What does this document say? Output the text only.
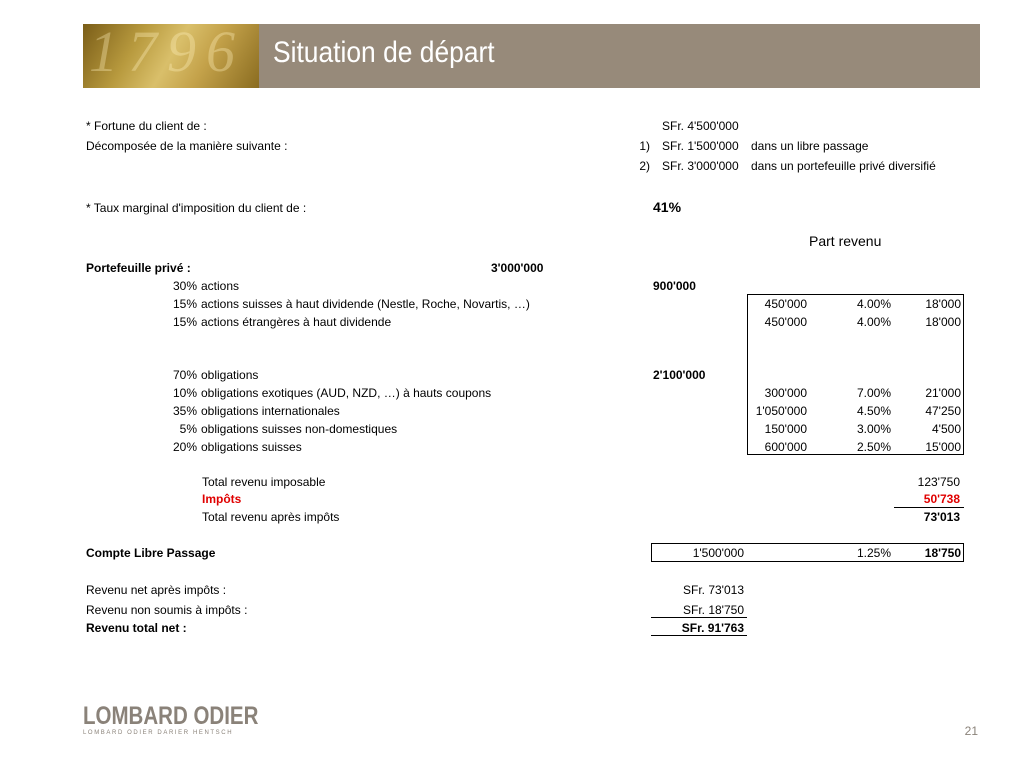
1796 Situation de départ
* Fortune du client de :	SFr. 4'500'000
Décomposée de la manière suivante :	1) SFr. 1'500'000 dans un libre passage
2) SFr. 3'000'000 dans un portefeuille privé diversifié
* Taux marginal d'imposition du client de :	41%
Part revenu
Portefeuille privé :	3'000'000
30% actions	900'000
15% actions suisses à haut dividende (Nestle, Roche, Novartis, …)	450'000	4.00%	18'000
15% actions étrangères à haut dividende	450'000	4.00%	18'000
70% obligations	2'100'000
10% obligations exotiques (AUD, NZD, …) à hauts coupons	300'000	7.00%	21'000
35% obligations internationales	1'050'000	4.50%	47'250
5% obligations suisses non-domestiques	150'000	3.00%	4'500
20% obligations suisses	600'000	2.50%	15'000
Total revenu imposable	123'750
Impôts	50'738
Total revenu après impôts	73'013
Compte Libre Passage	1'500'000	1.25%	18'750
Revenu net après impôts :	SFr. 73'013
Revenu non soumis à impôts :	SFr. 18'750
Revenu total net :	SFr. 91'763
LOMBARD ODIER
LOMBARD ODIER DARIER HENTSCH	21
